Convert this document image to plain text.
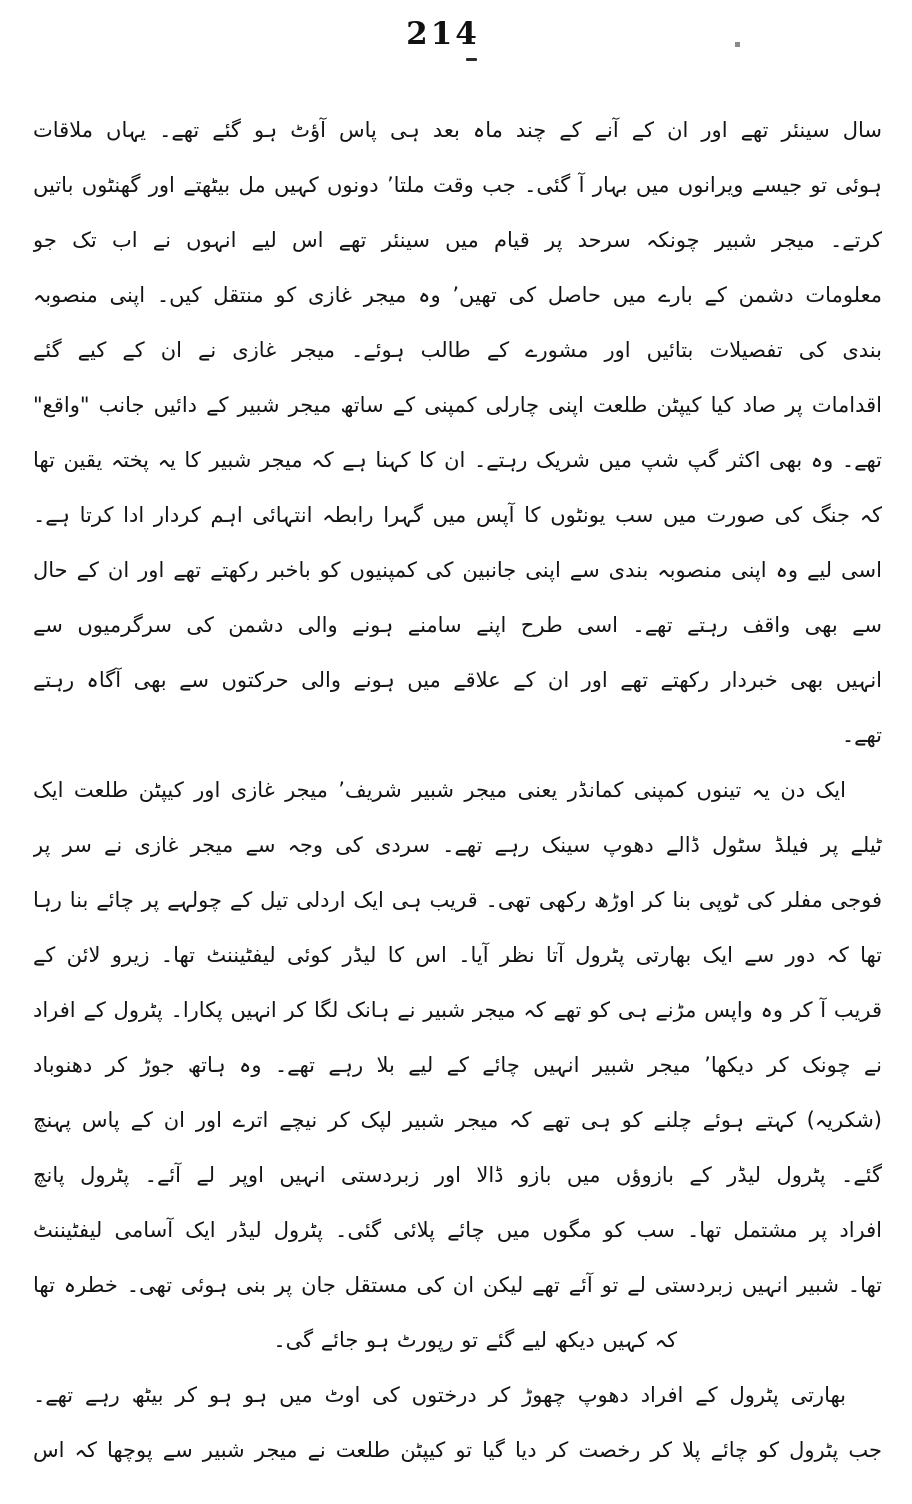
214
سال سینئر تھے اور ان کے آنے کے چند ماہ بعد ہی پاس آؤٹ ہو گئے تھے۔ یہاں ملاقات
ہوئی تو جیسے ویرانوں میں بہار آ گئی۔ جب وقت ملتا’ دونوں کہیں مل بیٹھتے اور گھنٹوں باتیں
کرتے۔ میجر شبیر چونکہ سرحد پر قیام میں سینئر تھے اس لیے انہوں نے اب تک جو
معلومات دشمن کے بارے میں حاصل کی تھیں’ وہ میجر غازی کو منتقل کیں۔ اپنی منصوبہ
بندی کی تفصیلات بتائیں اور مشورے کے طالب ہوئے۔ میجر غازی نے ان کے کیے گئے
اقدامات پر صاد کیا کیپٹن طلعت اپنی چارلی کمپنی کے ساتھ میجر شبیر کے دائیں جانب "واقع"
تھے۔ وہ بھی اکثر گپ شپ میں شریک رہتے۔ ان کا کہنا ہے کہ میجر شبیر کا یہ پختہ یقین تھا
کہ جنگ کی صورت میں سب یونٹوں کا آپس میں گہرا رابطہ انتہائی اہم کردار ادا کرتا ہے۔
اسی لیے وہ اپنی منصوبہ بندی سے اپنی جانبین کی کمپنیوں کو باخبر رکھتے تھے اور ان کے حال
سے بھی واقف رہتے تھے۔ اسی طرح اپنے سامنے ہونے والی دشمن کی سرگرمیوں سے
انہیں بھی خبردار رکھتے تھے اور ان کے علاقے میں ہونے والی حرکتوں سے بھی آگاہ رہتے
تھے۔
ایک دن یہ تینوں کمپنی کمانڈر یعنی میجر شبیر شریف’ میجر غازی اور کیپٹن طلعت ایک
ٹیلے پر فیلڈ سٹول ڈالے دھوپ سینک رہے تھے۔ سردی کی وجہ سے میجر غازی نے سر پر
فوجی مفلر کی ٹوپی بنا کر اوڑھ رکھی تھی۔ قریب ہی ایک اردلی تیل کے چولہے پر چائے بنا رہا
تھا کہ دور سے ایک بھارتی پٹرول آتا نظر آیا۔ اس کا لیڈر کوئی لیفٹیننٹ تھا۔ زیرو لائن کے
قریب آ کر وہ واپس مڑنے ہی کو تھے کہ میجر شبیر نے ہانک لگا کر انہیں پکارا۔ پٹرول کے افراد
نے چونک کر دیکھا’ میجر شبیر انہیں چائے کے لیے بلا رہے تھے۔ وہ ہاتھ جوڑ کر دھنوباد
(شکریہ) کہتے ہوئے چلنے کو ہی تھے کہ میجر شبیر لپک کر نیچے اترے اور ان کے پاس پہنچ
گئے۔ پٹرول لیڈر کے بازوؤں میں بازو ڈالا اور زبردستی انہیں اوپر لے آئے۔ پٹرول پانچ
افراد پر مشتمل تھا۔ سب کو مگوں میں چائے پلائی گئی۔ پٹرول لیڈر ایک آسامی لیفٹیننٹ
تھا۔ شبیر انہیں زبردستی لے تو آئے تھے لیکن ان کی مستقل جان پر بنی ہوئی تھی۔ خطرہ تھا
کہ کہیں دیکھ لیے گئے تو رپورٹ ہو جائے گی۔
بھارتی پٹرول کے افراد دھوپ چھوڑ کر درختوں کی اوٹ میں ہو ہو کر بیٹھ رہے تھے۔
جب پٹرول کو چائے پلا کر رخصت کر دیا گیا تو کیپٹن طلعت نے میجر شبیر سے پوچھا کہ اس
